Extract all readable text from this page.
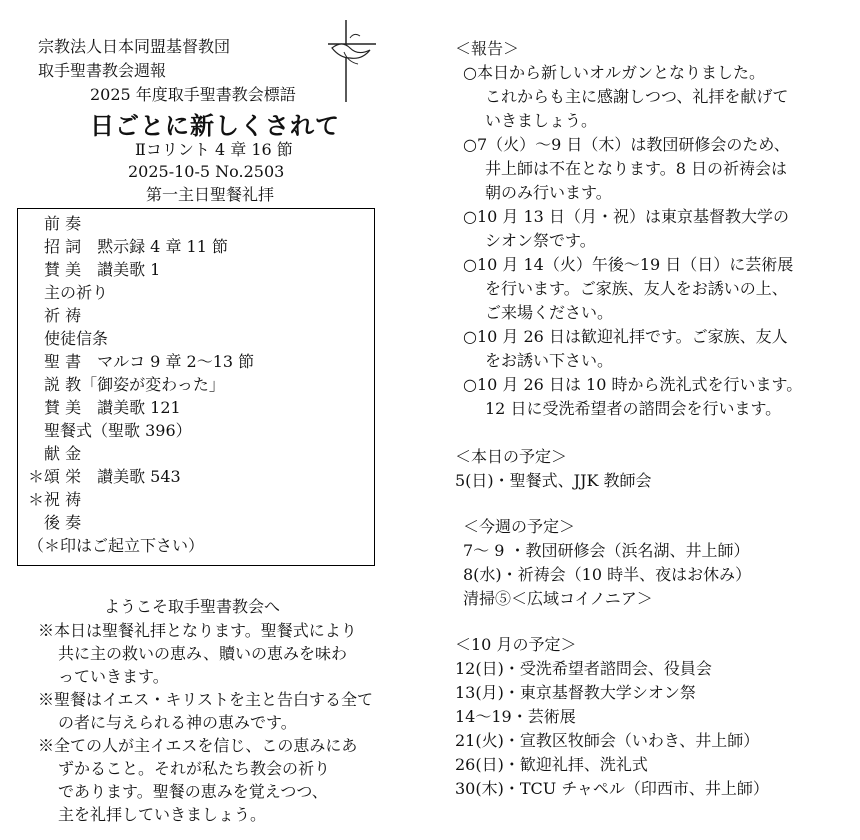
宗教法人日本同盟基督教団
取手聖書教会週報
2025 年度取手聖書教会標語
日ごとに新しくされて
Ⅱコリント 4 章 16 節
2025-10-5 No.2503
第一主日聖餐礼拝
　前 奏
　招 詞　黙示録 4 章 11 節
　賛 美　讃美歌 1
　主の祈り
　祈 祷
　使徒信条
　聖 書　マルコ 9 章 2～13 節
　説 教「御姿が変わった」
　賛 美　讃美歌 121
　聖餐式（聖歌 396）
　献 金
＊頌 栄　讃美歌 543
＊祝 祷
　後 奏
（＊印はご起立下さい）
ようこそ取手聖書教会へ
※本日は聖餐礼拝となります。聖餐式により
共に主の救いの恵み、贖いの恵みを味わ
っていきます。
※聖餐はイエス・キリストを主と告白する全て
の者に与えられる神の恵みです。
※全ての人が主イエスを信じ、この恵みにあ
ずかること。それが私たち教会の祈り
であります。聖餐の恵みを覚えつつ、
主を礼拝していきましょう。
＜報告＞
○本日から新しいオルガンとなりました。
これからも主に感謝しつつ、礼拝を献げて
いきましょう。
○7（火）～9 日（木）は教団研修会のため、
井上師は不在となります。8 日の祈祷会は
朝のみ行います。
○10 月 13 日（月・祝）は東京基督教大学の
シオン祭です。
○10 月 14（火）午後～19 日（日）に芸術展
を行います。ご家族、友人をお誘いの上、
ご来場ください。
○10 月 26 日は歓迎礼拝です。ご家族、友人
をお誘い下さい。
○10 月 26 日は 10 時から洗礼式を行います。
12 日に受洗希望者の諮問会を行います。
＜本日の予定＞
5(日)・聖餐式、JJK 教師会
＜今週の予定＞
7～ 9 ・教団研修会（浜名湖、井上師）
8(水)・祈祷会（10 時半、夜はお休み）
清掃⑤＜広域コイノニア＞
＜10 月の予定＞
12(日)・受洗希望者諮問会、役員会
13(月)・東京基督教大学シオン祭
14～19・芸術展
21(火)・宣教区牧師会（いわき、井上師）
26(日)・歓迎礼拝、洗礼式
30(木)・TCU チャペル（印西市、井上師）
